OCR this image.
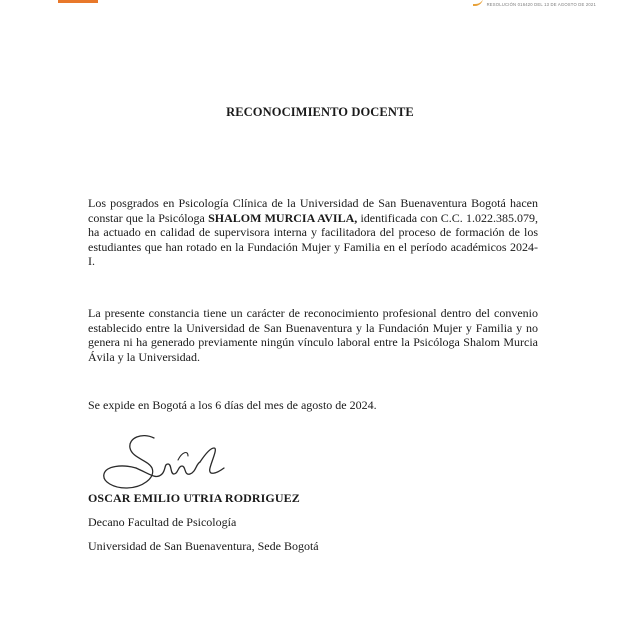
RESOLUCIÓN 016420 DEL 13 DE AGOSTO DE 2021
RECONOCIMIENTO DOCENTE
Los posgrados en Psicología Clínica de la Universidad de San Buenaventura Bogotá hacen constar que la Psicóloga SHALOM MURCIA AVILA, identificada con C.C. 1.022.385.079, ha actuado en calidad de supervisora interna y facilitadora del proceso de formación de los estudiantes que han rotado en la Fundación Mujer y Familia en el período académicos 2024-I.
La presente constancia tiene un carácter de reconocimiento profesional dentro del convenio establecido entre la Universidad de San Buenaventura y la Fundación Mujer y Familia y no genera ni ha generado previamente ningún vínculo laboral entre la Psicóloga Shalom Murcia Ávila y la Universidad.
Se expide en Bogotá a los 6 días del mes de agosto de 2024.
OSCAR EMILIO UTRIA RODRIGUEZ
Decano Facultad de Psicología
Universidad de San Buenaventura, Sede Bogotá
